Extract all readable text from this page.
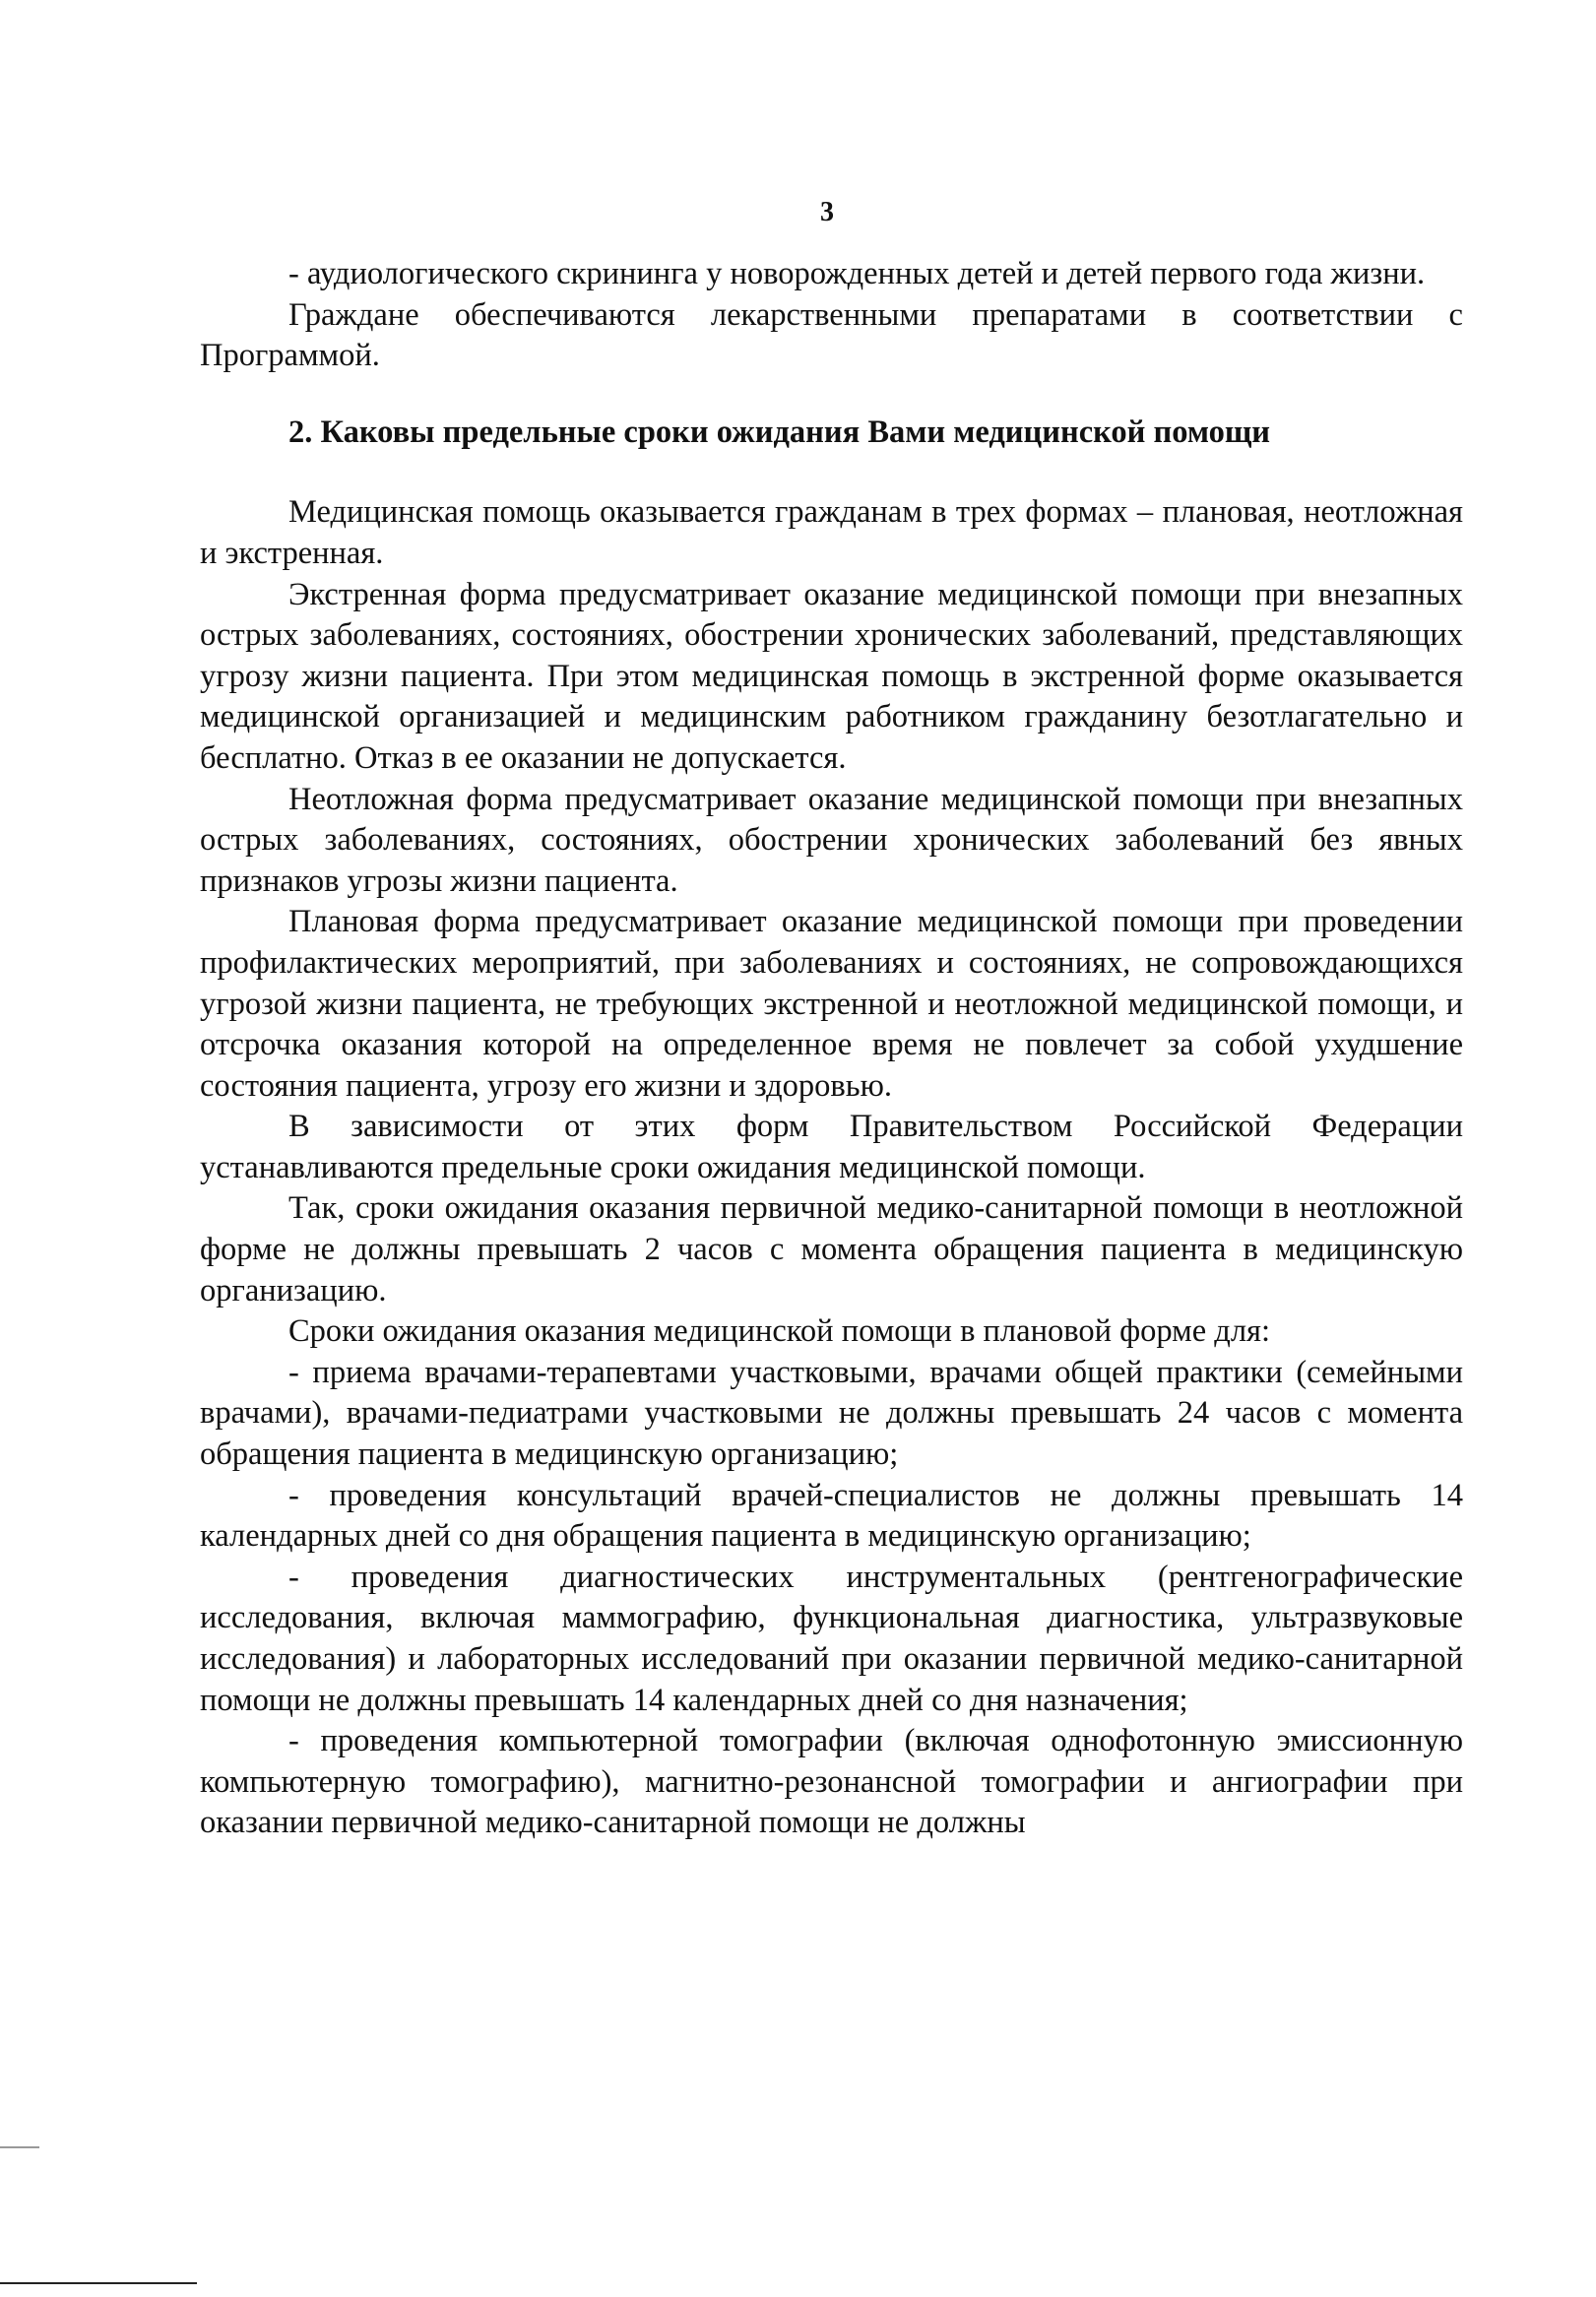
3

- аудиологического скрининга у новорожденных детей и детей первого года жизни.

Граждане обеспечиваются лекарственными препаратами в соответствии с Программой.

2. Каковы предельные сроки ожидания Вами медицинской помощи

Медицинская помощь оказывается гражданам в трех формах – плановая, неотложная и экстренная.

Экстренная форма предусматривает оказание медицинской помощи при внезапных острых заболеваниях, состояниях, обострении хронических заболеваний, представляющих угрозу жизни пациента. При этом медицинская помощь в экстренной форме оказывается медицинской организацией и медицинским работником гражданину безотлагательно и бесплатно. Отказ в ее оказании не допускается.

Неотложная форма предусматривает оказание медицинской помощи при внезапных острых заболеваниях, состояниях, обострении хронических заболеваний без явных признаков угрозы жизни пациента.

Плановая форма предусматривает оказание медицинской помощи при проведении профилактических мероприятий, при заболеваниях и состояниях, не сопровождающихся угрозой жизни пациента, не требующих экстренной и неотложной медицинской помощи, и отсрочка оказания которой на определенное время не повлечет за собой ухудшение состояния пациента, угрозу его жизни и здоровью.

В зависимости от этих форм Правительством Российской Федерации устанавливаются предельные сроки ожидания медицинской помощи.

Так, сроки ожидания оказания первичной медико-санитарной помощи в неотложной форме не должны превышать 2 часов с момента обращения пациента в медицинскую организацию.

Сроки ожидания оказания медицинской помощи в плановой форме для:

- приема врачами-терапевтами участковыми, врачами общей практики (семейными врачами), врачами-педиатрами участковыми не должны превышать 24 часов с момента обращения пациента в медицинскую организацию;

- проведения консультаций врачей-специалистов не должны превышать 14 календарных дней со дня обращения пациента в медицинскую организацию;

- проведения диагностических инструментальных (рентгенографические исследования, включая маммографию, функциональная диагностика, ультразвуковые исследования) и лабораторных исследований при оказании первичной медико-санитарной помощи не должны превышать 14 календарных дней со дня назначения;

- проведения компьютерной томографии (включая однофотонную эмиссионную компьютерную томографию), магнитно-резонансной томографии и ангиографии при оказании первичной медико-санитарной помощи не должны
